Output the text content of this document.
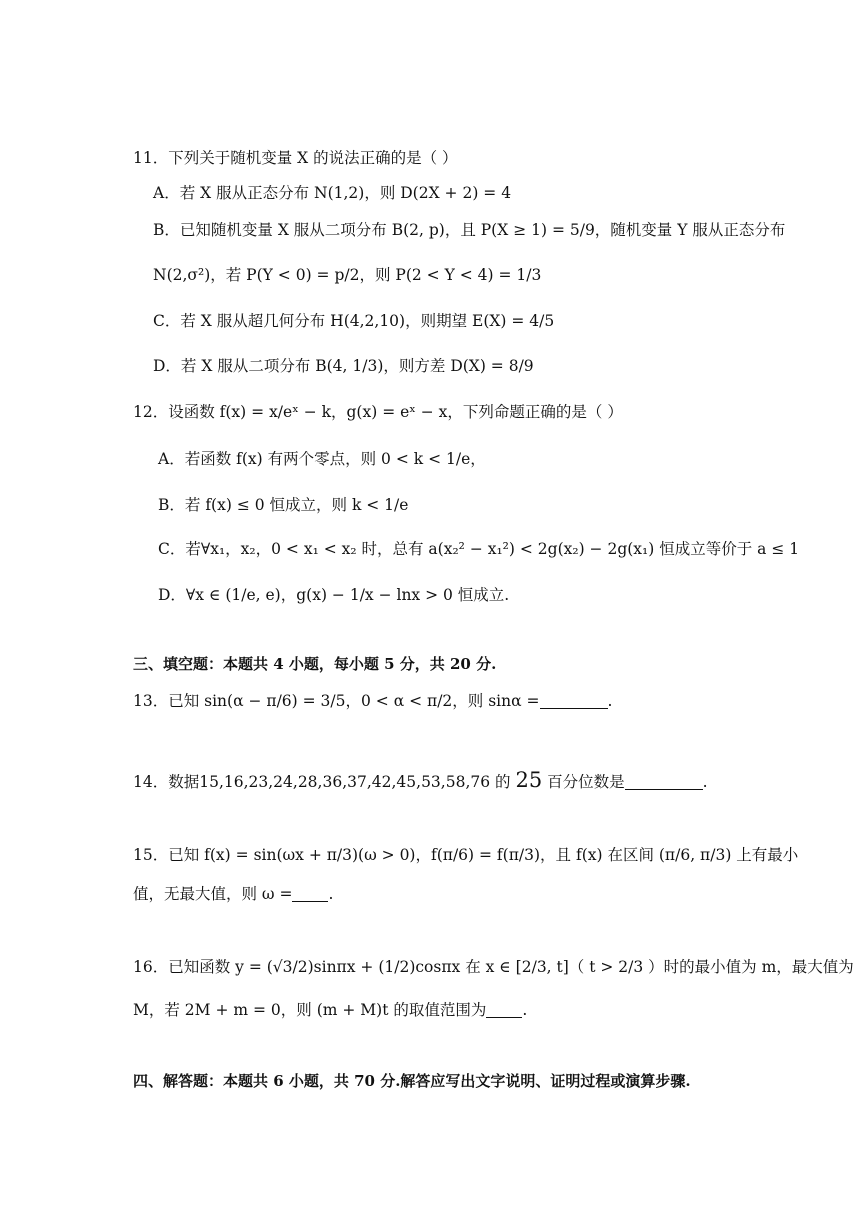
11．下列关于随机变量 X 的说法正确的是（ ）
A．若 X 服从正态分布 N(1,2)，则 D(2X + 2) = 4
B．已知随机变量 X 服从二项分布 B(2, p)，且 P(X ≥ 1) = 5/9，随机变量 Y 服从正态分布
N(2,σ²)，若 P(Y < 0) = p/2，则 P(2 < Y < 4) = 1/3
C．若 X 服从超几何分布 H(4,2,10)，则期望 E(X) = 4/5
D．若 X 服从二项分布 B(4, 1/3)，则方差 D(X) = 8/9
12．设函数 f(x) = x/eˣ − k，g(x) = eˣ − x，下列命题正确的是（ ）
A．若函数 f(x) 有两个零点，则 0 < k < 1/e，
B．若 f(x) ≤ 0 恒成立，则 k < 1/e
C．若∀x₁，x₂，0 < x₁ < x₂ 时，总有 a(x₂² − x₁²) < 2g(x₂) − 2g(x₁) 恒成立等价于 a ≤ 1
D．∀x ∈ (1/e, e)，g(x) − 1/x − lnx > 0 恒成立.
三、填空题：本题共 4 小题，每小题 5 分，共 20 分.
13．已知 sin(α − π/6) = 3/5，0 < α < π/2，则 sinα =	.
14．数据15,16,23,24,28,36,37,42,45,53,58,76 的 25 百分位数是	.
15．已知 f(x) = sin(ωx + π/3)(ω > 0)，f(π/6) = f(π/3)，且 f(x) 在区间 (π/6, π/3) 上有最小
值，无最大值，则 ω = .
16．已知函数 y = (√3/2)sinπx + (1/2)cosπx 在 x ∈ [2/3, t]（ t > 2/3 ）时的最小值为 m，最大值为
M，若 2M + m = 0，则 (m + M)t 的取值范围为 .
四、解答题：本题共 6 小题，共 70 分.解答应写出文字说明、证明过程或演算步骤.
